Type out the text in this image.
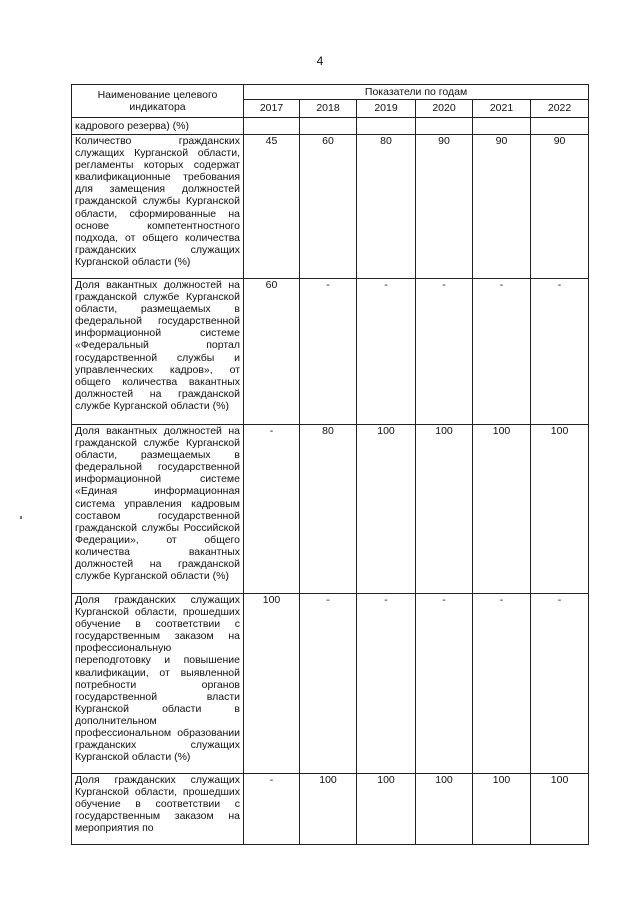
4
Наименование целевого индикатора	Показатели по годам					
	2017	2018	2019	2020	2021	2022
кадрового резерва) (%)						
Количество гражданских служащих Курганской области, регламенты которых содержат квалификационные требования для замещения должностей гражданской службы Курганской области, сформированные на основе компетентностного подхода, от общего количества гражданских служащих Курганской области (%)	45	60	80	90	90	90
Доля вакантных должностей на гражданской службе Курганской области, размещаемых в федеральной государственной информационной системе «Федеральный портал государственной службы и управленческих кадров», от общего количества вакантных должностей на гражданской службе Курганской области (%)	60	-	-	-	-	-
Доля вакантных должностей на гражданской службе Курганской области, размещаемых в федеральной государственной информационной системе «Единая информационная система управления кадровым составом государственной гражданской службы Российской Федерации», от общего количества вакантных должностей на гражданской службе Курганской области (%)	-	80	100	100	100	100
Доля гражданских служащих Курганской области, прошедших обучение в соответствии с государственным заказом на профессиональную переподготовку и повышение квалификации, от выявленной потребности органов государственной власти Курганской области в дополнительном профессиональном образовании гражданских служащих Курганской области (%)	100	-	-	-	-	-
Доля гражданских служащих Курганской области, прошедших обучение в соответствии с государственным заказом на мероприятия по	-	100	100	100	100	100
